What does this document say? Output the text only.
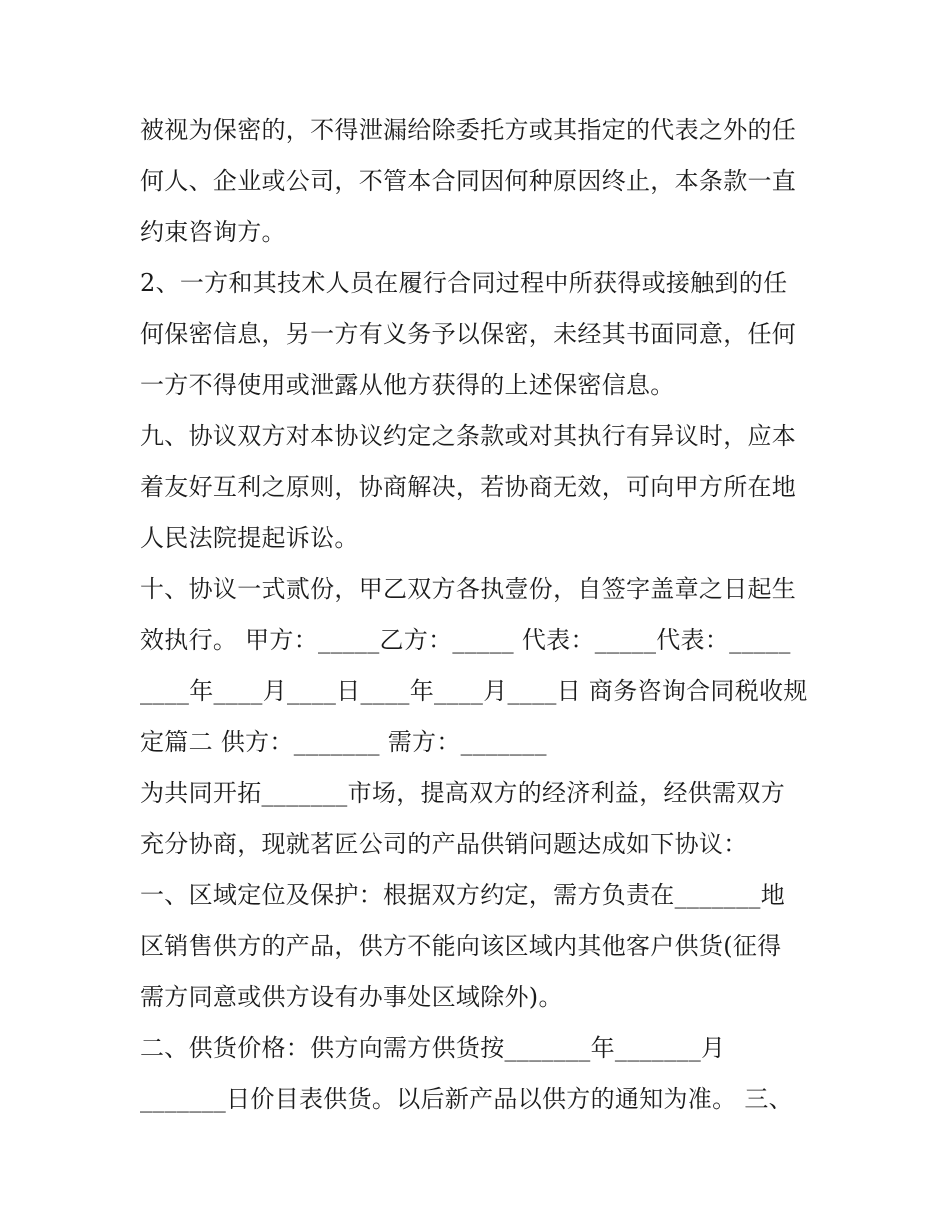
被视为保密的，不得泄漏给除委托方或其指定的代表之外的任
何人、企业或公司，不管本合同因何种原因终止，本条款一直
约束咨询方。
2、一方和其技术人员在履行合同过程中所获得或接触到的任
何保密信息，另一方有义务予以保密，未经其书面同意，任何
一方不得使用或泄露从他方获得的上述保密信息。
九、协议双方对本协议约定之条款或对其执行有异议时，应本
着友好互利之原则，协商解决，若协商无效，可向甲方所在地
人民法院提起诉讼。
十、协议一式贰份，甲乙双方各执壹份，自签字盖章之日起生
效执行。 甲方：_____乙方：_____ 代表：_____代表：_____
____年____月____日____年____月____日 商务咨询合同税收规
定篇二 供方：_______ 需方：_______
为共同开拓_______市场，提高双方的经济利益，经供需双方
充分协商，现就茗匠公司的产品供销问题达成如下协议：
一、区域定位及保护：根据双方约定，需方负责在_______地
区销售供方的产品，供方不能向该区域内其他客户供货(征得
需方同意或供方设有办事处区域除外)。
二、供货价格：供方向需方供货按_______年_______月
_______日价目表供货。以后新产品以供方的通知为准。 三、
